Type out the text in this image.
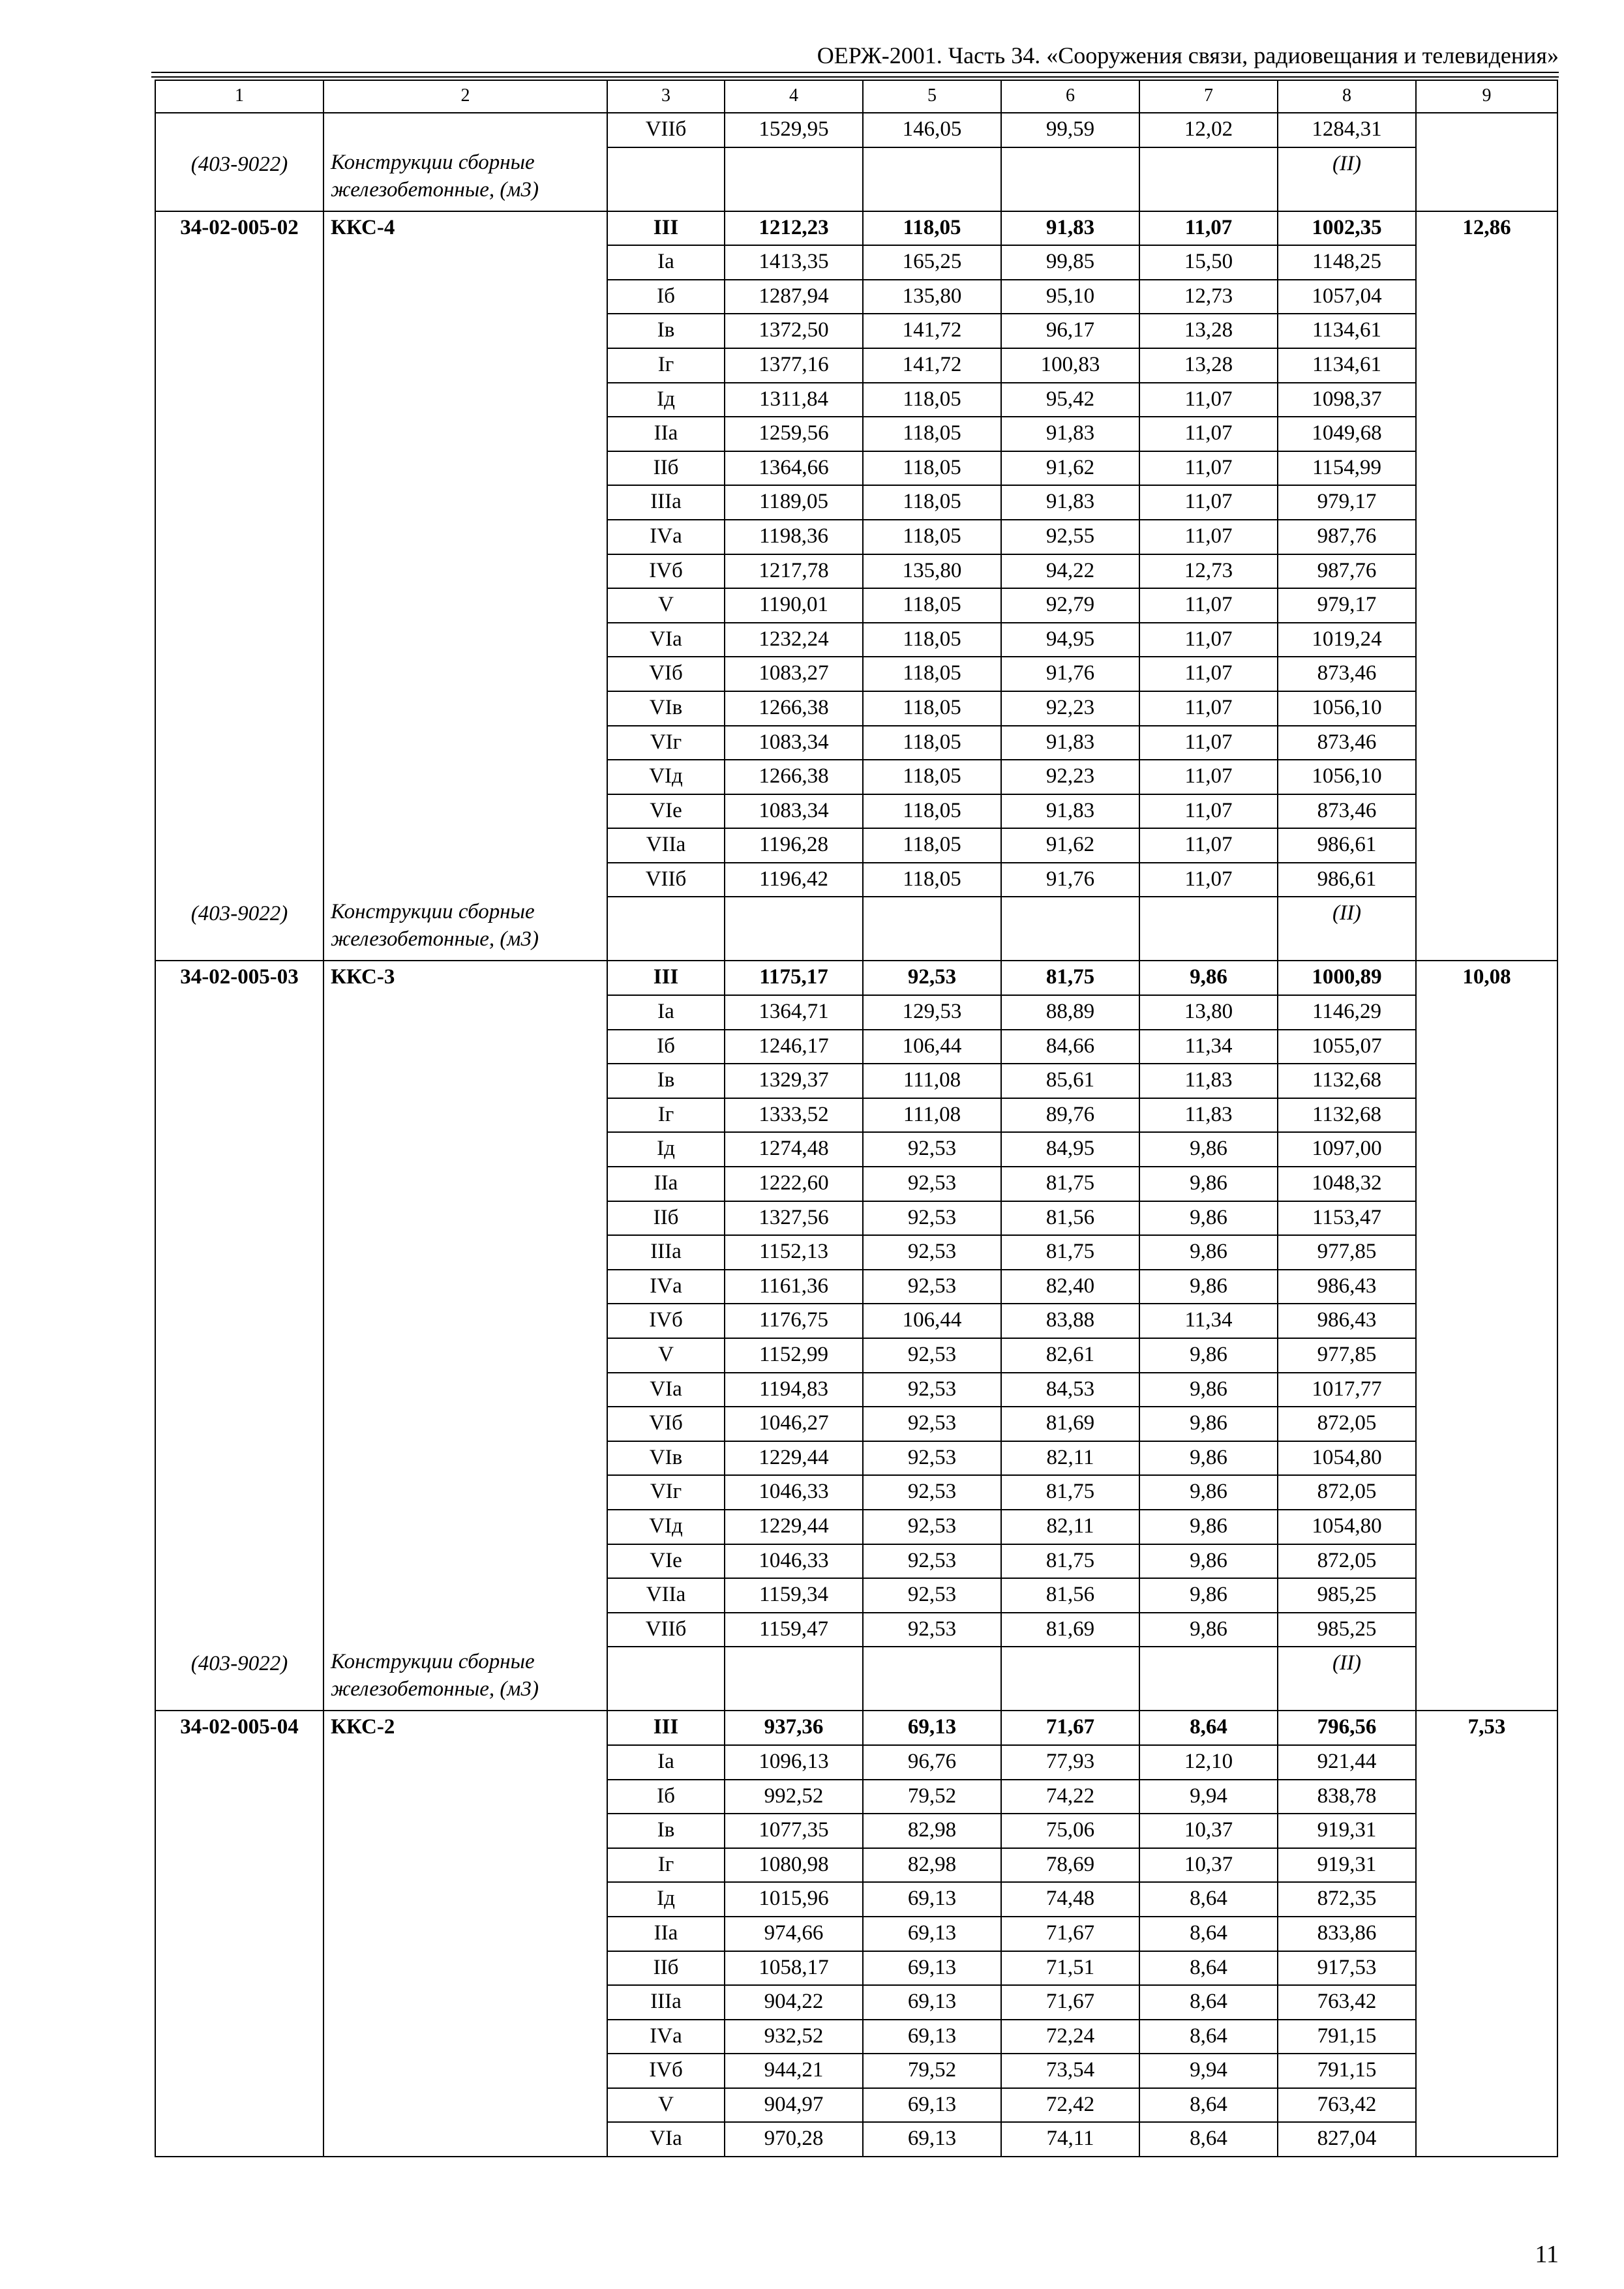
ОЕРЖ-2001. Часть 34. «Сооружения связи, радиовещания и телевидения»
1	2	3	4	5	6	7	8	9
		VIIб	1529,95	146,05	99,59	12,02	1284,31	

(403-9022)	Конструкции сборные железобетонные, (м3)						(II)	

34-02-005-02	ККС-4	III	1212,23	118,05	91,83	11,07	1002,35	12,86
		Iа	1413,35	165,25	99,85	15,50	1148,25	
		Iб	1287,94	135,80	95,10	12,73	1057,04	
		Iв	1372,50	141,72	96,17	13,28	1134,61	
		Iг	1377,16	141,72	100,83	13,28	1134,61	
		Iд	1311,84	118,05	95,42	11,07	1098,37	
		IIа	1259,56	118,05	91,83	11,07	1049,68	
		IIб	1364,66	118,05	91,62	11,07	1154,99	
		IIIа	1189,05	118,05	91,83	11,07	979,17	
		IVа	1198,36	118,05	92,55	11,07	987,76	
		IVб	1217,78	135,80	94,22	12,73	987,76	
		V	1190,01	118,05	92,79	11,07	979,17	
		VIа	1232,24	118,05	94,95	11,07	1019,24	
		VIб	1083,27	118,05	91,76	11,07	873,46	
		VIв	1266,38	118,05	92,23	11,07	1056,10	
		VIг	1083,34	118,05	91,83	11,07	873,46	
		VIд	1266,38	118,05	92,23	11,07	1056,10	
		VIе	1083,34	118,05	91,83	11,07	873,46	
		VIIа	1196,28	118,05	91,62	11,07	986,61	
		VIIб	1196,42	118,05	91,76	11,07	986,61	

(403-9022)	Конструкции сборные железобетонные, (м3)						(II)	

34-02-005-03	ККС-3	III	1175,17	92,53	81,75	9,86	1000,89	10,08
		Iа	1364,71	129,53	88,89	13,80	1146,29	
		Iб	1246,17	106,44	84,66	11,34	1055,07	
		Iв	1329,37	111,08	85,61	11,83	1132,68	
		Iг	1333,52	111,08	89,76	11,83	1132,68	
		Iд	1274,48	92,53	84,95	9,86	1097,00	
		IIа	1222,60	92,53	81,75	9,86	1048,32	
		IIб	1327,56	92,53	81,56	9,86	1153,47	
		IIIа	1152,13	92,53	81,75	9,86	977,85	
		IVа	1161,36	92,53	82,40	9,86	986,43	
		IVб	1176,75	106,44	83,88	11,34	986,43	
		V	1152,99	92,53	82,61	9,86	977,85	
		VIа	1194,83	92,53	84,53	9,86	1017,77	
		VIб	1046,27	92,53	81,69	9,86	872,05	
		VIв	1229,44	92,53	82,11	9,86	1054,80	
		VIг	1046,33	92,53	81,75	9,86	872,05	
		VIд	1229,44	92,53	82,11	9,86	1054,80	
		VIе	1046,33	92,53	81,75	9,86	872,05	
		VIIа	1159,34	92,53	81,56	9,86	985,25	
		VIIб	1159,47	92,53	81,69	9,86	985,25	

(403-9022)	Конструкции сборные железобетонные, (м3)						(II)	

34-02-005-04	ККС-2	III	937,36	69,13	71,67	8,64	796,56	7,53
		Iа	1096,13	96,76	77,93	12,10	921,44	
		Iб	992,52	79,52	74,22	9,94	838,78	
		Iв	1077,35	82,98	75,06	10,37	919,31	
		Iг	1080,98	82,98	78,69	10,37	919,31	
		Iд	1015,96	69,13	74,48	8,64	872,35	
		IIа	974,66	69,13	71,67	8,64	833,86	
		IIб	1058,17	69,13	71,51	8,64	917,53	
		IIIа	904,22	69,13	71,67	8,64	763,42	
		IVа	932,52	69,13	72,24	8,64	791,15	
		IVб	944,21	79,52	73,54	9,94	791,15	
		V	904,97	69,13	72,42	8,64	763,42	
		VIа	970,28	69,13	74,11	8,64	827,04	
11
